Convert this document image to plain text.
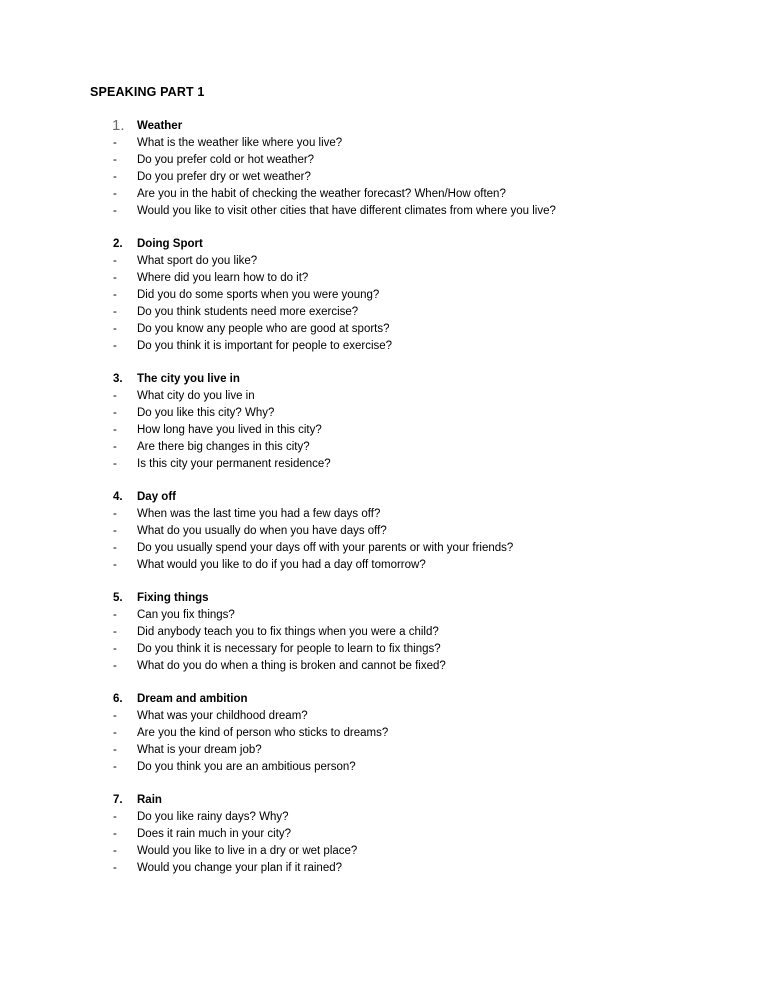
SPEAKING PART 1
1. Weather
- What is the weather like where you live?
- Do you prefer cold or hot weather?
- Do you prefer dry or wet weather?
- Are you in the habit of checking the weather forecast? When/How often?
- Would you like to visit other cities that have different climates from where you live?
2. Doing Sport
- What sport do you like?
- Where did you learn how to do it?
- Did you do some sports when you were young?
- Do you think students need more exercise?
- Do you know any people who are good at sports?
- Do you think it is important for people to exercise?
3. The city you live in
- What city do you live in
- Do you like this city? Why?
- How long have you lived in this city?
- Are there big changes in this city?
- Is this city your permanent residence?
4. Day off
- When was the last time you had a few days off?
- What do you usually do when you have days off?
- Do you usually spend your days off with your parents or with your friends?
- What would you like to do if you had a day off tomorrow?
5. Fixing things
- Can you fix things?
- Did anybody teach you to fix things when you were a child?
- Do you think it is necessary for people to learn to fix things?
- What do you do when a thing is broken and cannot be fixed?
6. Dream and ambition
- What was your childhood dream?
- Are you the kind of person who sticks to dreams?
- What is your dream job?
- Do you think you are an ambitious person?
7. Rain
- Do you like rainy days? Why?
- Does it rain much in your city?
- Would you like to live in a dry or wet place?
- Would you change your plan if it rained?
